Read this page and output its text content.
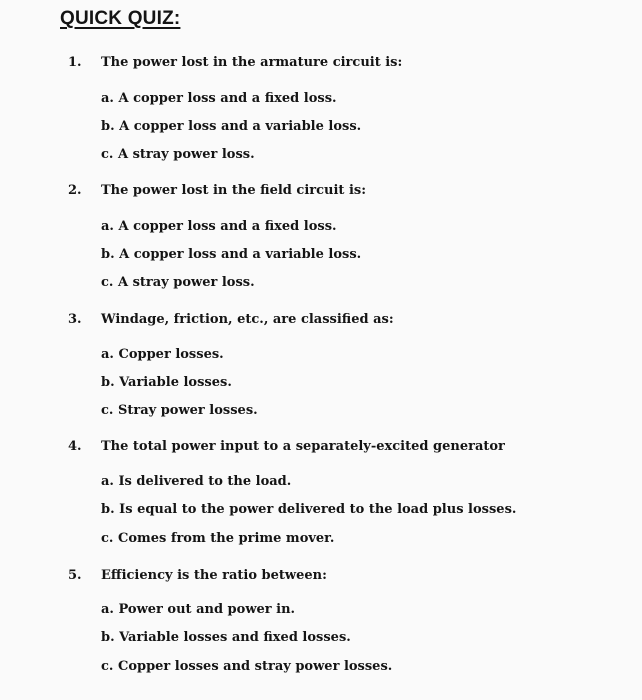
QUICK QUIZ:
1. The power lost in the armature circuit is:
a. A copper loss and a fixed loss.
b. A copper loss and a variable loss.
c. A stray power loss.
2. The power lost in the field circuit is:
a. A copper loss and a fixed loss.
b. A copper loss and a variable loss.
c. A stray power loss.
3. Windage, friction, etc., are classified as:
a. Copper losses.
b. Variable losses.
c. Stray power losses.
4. The total power input to a separately-excited generator
a. Is delivered to the load.
b. Is equal to the power delivered to the load plus losses.
c. Comes from the prime mover.
5. Efficiency is the ratio between:
a. Power out and power in.
b. Variable losses and fixed losses.
c. Copper losses and stray power losses.
